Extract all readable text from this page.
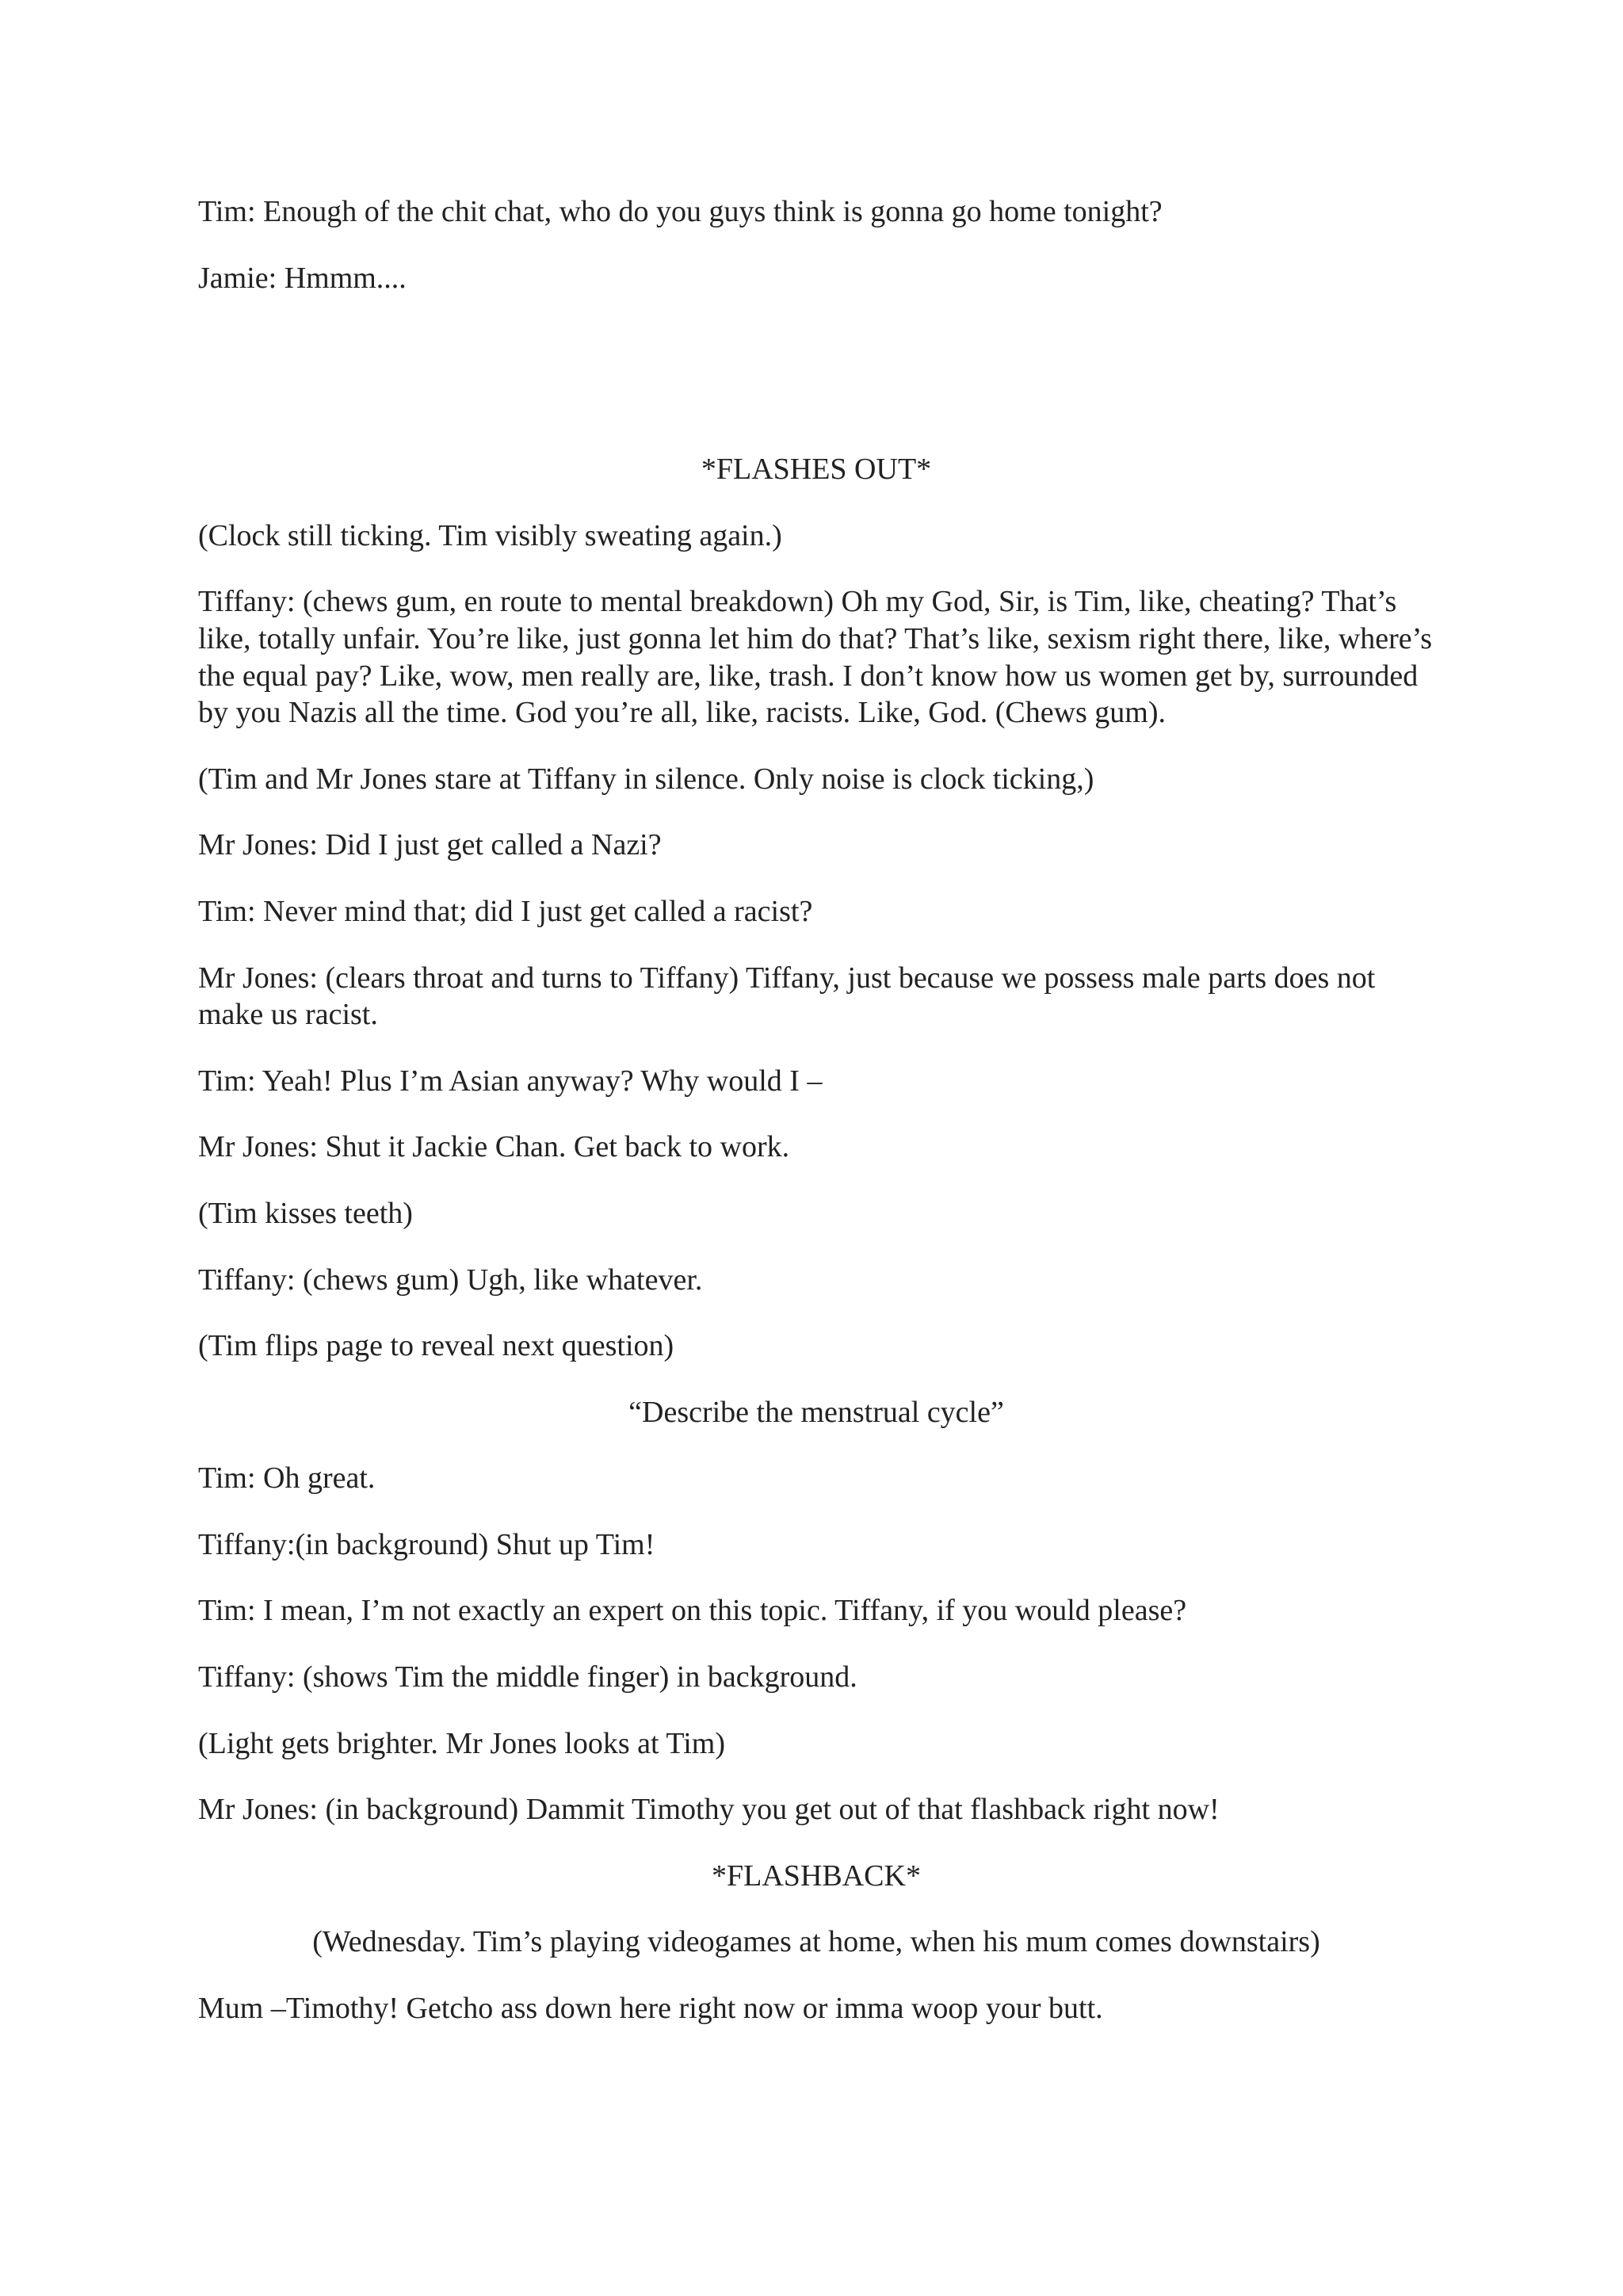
Tim: Enough of the chit chat, who do you guys think is gonna go home tonight?

Jamie: Hmmm....

*FLASHES OUT*

(Clock still ticking. Tim visibly sweating again.)

Tiffany: (chews gum, en route to mental breakdown) Oh my God, Sir, is Tim, like, cheating? That’s like, totally unfair. You’re like, just gonna let him do that? That’s like, sexism right there, like, where’s the equal pay? Like, wow, men really are, like, trash. I don’t know how us women get by, surrounded by you Nazis all the time. God you’re all, like, racists. Like, God. (Chews gum).

(Tim and Mr Jones stare at Tiffany in silence. Only noise is clock ticking,)

Mr Jones: Did I just get called a Nazi?

Tim: Never mind that; did I just get called a racist?

Mr Jones: (clears throat and turns to Tiffany) Tiffany, just because we possess male parts does not make us racist.

Tim: Yeah! Plus I’m Asian anyway? Why would I –

Mr Jones: Shut it Jackie Chan. Get back to work.

(Tim kisses teeth)

Tiffany: (chews gum) Ugh, like whatever.

(Tim flips page to reveal next question)

“Describe the menstrual cycle”

Tim: Oh great.

Tiffany:(in background) Shut up Tim!

Tim: I mean, I’m not exactly an expert on this topic. Tiffany, if you would please?

Tiffany: (shows Tim the middle finger) in background.

(Light gets brighter. Mr Jones looks at Tim)

Mr Jones: (in background) Dammit Timothy you get out of that flashback right now!

*FLASHBACK*

(Wednesday. Tim’s playing videogames at home, when his mum comes downstairs)

Mum –Timothy! Getcho ass down here right now or imma woop your butt.
